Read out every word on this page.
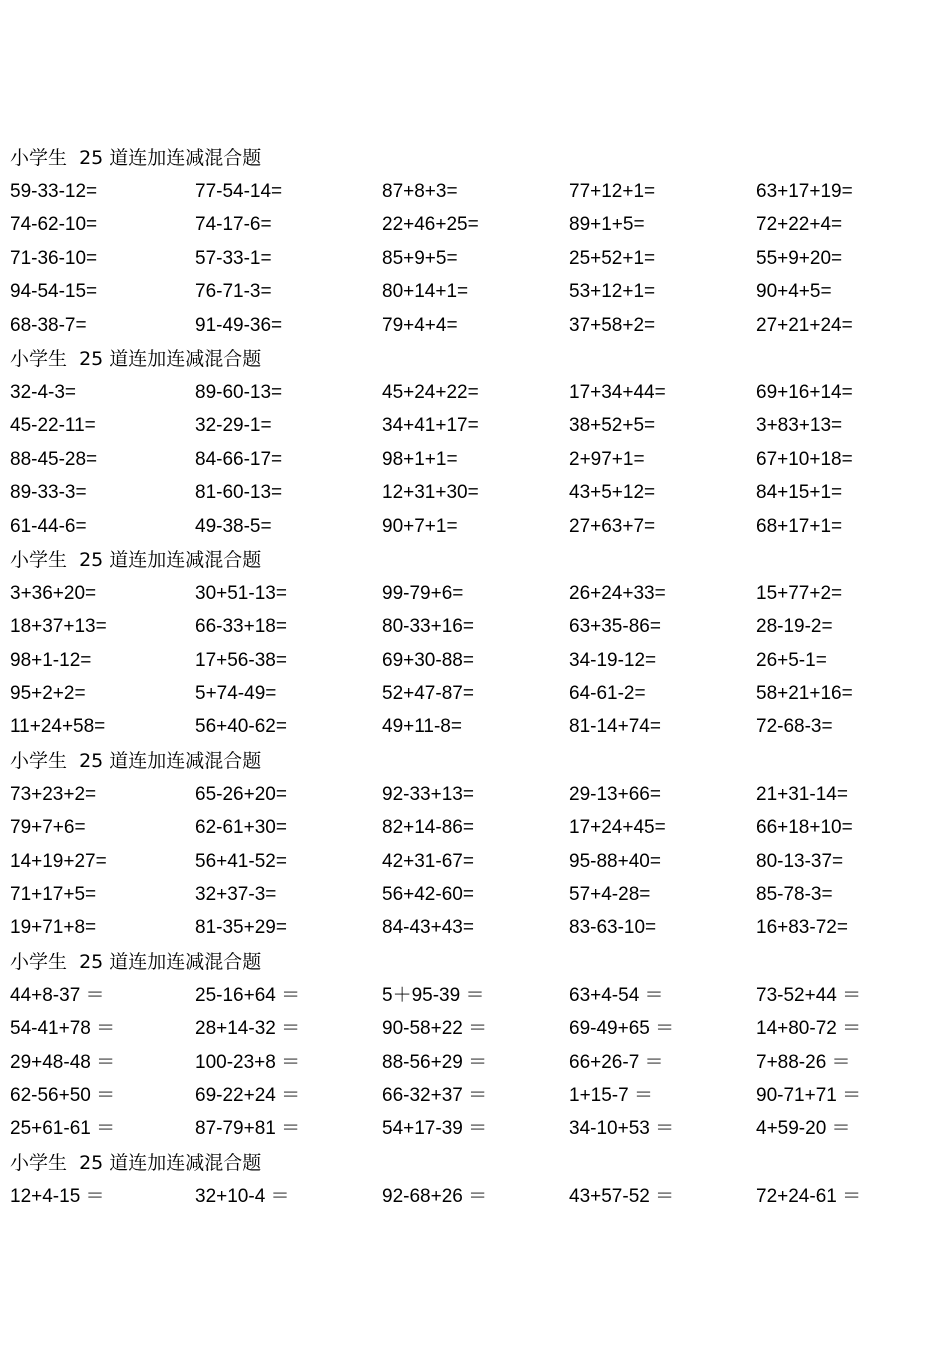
小学生  25 道连加连减混合题
59-33-12=	77-54-14=	87+8+3=	77+12+1=	63+17+19=
74-62-10=	74-17-6=	22+46+25=	89+1+5=	72+22+4=
71-36-10=	57-33-1=	85+9+5=	25+52+1=	55+9+20=
94-54-15=	76-71-3=	80+14+1=	53+12+1=	90+4+5=
68-38-7=	91-49-36=	79+4+4=	37+58+2=	27+21+24=
小学生  25 道连加连减混合题
32-4-3=	89-60-13=	45+24+22=	17+34+44=	69+16+14=
45-22-11=	32-29-1=	34+41+17=	38+52+5=	3+83+13=
88-45-28=	84-66-17=	98+1+1=	2+97+1=	67+10+18=
89-33-3=	81-60-13=	12+31+30=	43+5+12=	84+15+1=
61-44-6=	49-38-5=	90+7+1=	27+63+7=	68+17+1=
小学生  25 道连加连减混合题
3+36+20=	30+51-13=	99-79+6=	26+24+33=	15+77+2=
18+37+13=	66-33+18=	80-33+16=	63+35-86=	28-19-2=
98+1-12=	17+56-38=	69+30-88=	34-19-12=	26+5-1=
95+2+2=	5+74-49=	52+47-87=	64-61-2=	58+21+16=
11+24+58=	56+40-62=	49+11-8=	81-14+74=	72-68-3=
小学生  25 道连加连减混合题
73+23+2=	65-26+20=	92-33+13=	29-13+66=	21+31-14=
79+7+6=	62-61+30=	82+14-86=	17+24+45=	66+18+10=
14+19+27=	56+41-52=	42+31-67=	95-88+40=	80-13-37=
71+17+5=	32+37-3=	56+42-60=	57+4-28=	85-78-3=
19+71+8=	81-35+29=	84-43+43=	83-63-10=	16+83-72=
小学生  25 道连加连减混合题
44+8-37 ＝	25-16+64 ＝	5＋95-39 ＝	63+4-54 ＝	73-52+44 ＝
54-41+78 ＝	28+14-32 ＝	90-58+22 ＝	69-49+65 ＝	14+80-72 ＝
29+48-48 ＝	100-23+8 ＝	88-56+29 ＝	66+26-7 ＝	7+88-26 ＝
62-56+50 ＝	69-22+24 ＝	66-32+37 ＝	1+15-7 ＝	90-71+71 ＝
25+61-61 ＝	87-79+81 ＝	54+17-39 ＝	34-10+53 ＝	4+59-20 ＝
小学生  25 道连加连减混合题
12+4-15 ＝	32+10-4 ＝	92-68+26 ＝	43+57-52 ＝	72+24-61 ＝
